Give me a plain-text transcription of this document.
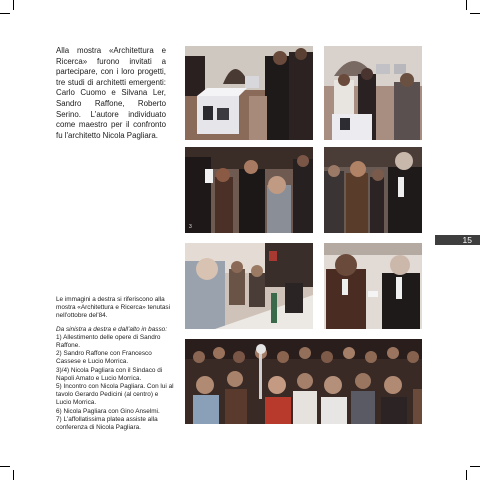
Alla mostra «Architettura e Ricerca» furono invitati a partecipare, con i loro progetti, tre studi di architetti emergenti: Carlo Cuomo e Silvana Ler, Sandro Raffone, Roberto Serino. L'autore individuato come maestro per il confronto fu l'architetto Nicola Pagliara.

3
15

Le immagini a destra si riferiscono alla mostra «Architettura e Ricerca» tenutasi nell'ottobre del'84.

Da sinistra a destra e dall'alto in basso:

1) Allestimento delle opere di Sandro Raffone.
2) Sandro Raffone con Francesco Cassese e Lucio Morrica.
3)/4) Nicola Pagliara con il Sindaco di Napoli Amato e Lucio Morrica.
5) Incontro con Nicola Pagliara. Con lui al tavolo Gerardo Pedicini (al centro) e Lucio Morrica.
6) Nicola Pagliara con Gino Anselmi.
7) L'affollatissima platea assiste alla conferenza di Nicola Pagliara.
